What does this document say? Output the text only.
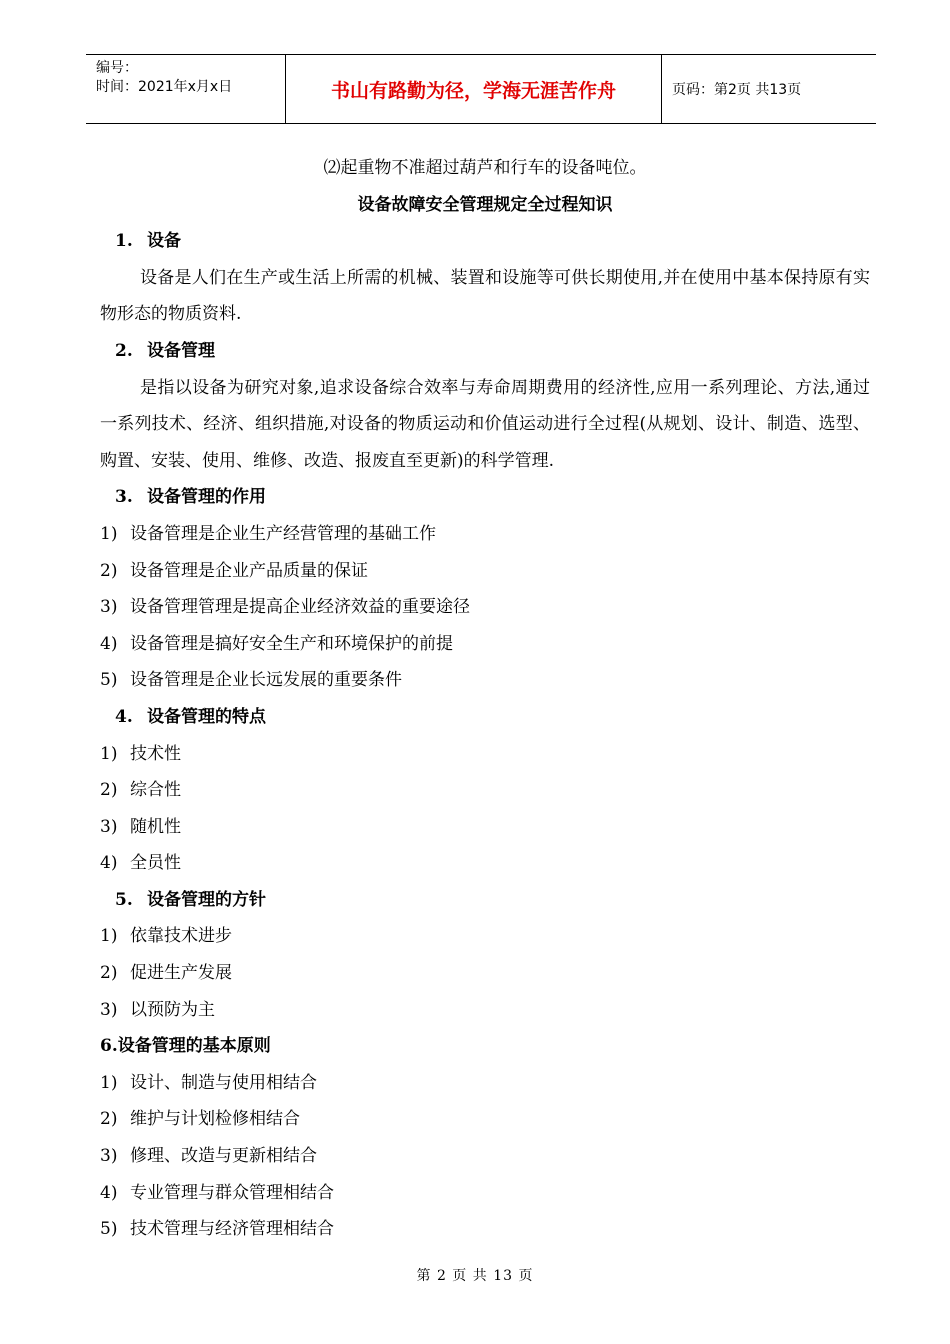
编号：
时间：2021年x月x日	书山有路勤为径，学海无涯苦作舟	页码：第2页 共13页
⑵起重物不准超过葫芦和行车的设备吨位。
设备故障安全管理规定全过程知识
1. 设备
设备是人们在生产或生活上所需的机械、装置和设施等可供长期使用,并在使用中基本保持原有实物形态的物质资料.
2. 设备管理
是指以设备为研究对象,追求设备综合效率与寿命周期费用的经济性,应用一系列理论、方法,通过一系列技术、经济、组织措施,对设备的物质运动和价值运动进行全过程(从规划、设计、制造、选型、购置、安装、使用、维修、改造、报废直至更新)的科学管理.
3. 设备管理的作用
1) 设备管理是企业生产经营管理的基础工作
2) 设备管理是企业产品质量的保证
3) 设备管理管理是提高企业经济效益的重要途径
4) 设备管理是搞好安全生产和环境保护的前提
5) 设备管理是企业长远发展的重要条件
4. 设备管理的特点
1) 技术性
2) 综合性
3) 随机性
4) 全员性
5. 设备管理的方针
1) 依靠技术进步
2) 促进生产发展
3) 以预防为主
6.设备管理的基本原则
1) 设计、制造与使用相结合
2) 维护与计划检修相结合
3) 修理、改造与更新相结合
4) 专业管理与群众管理相结合
5) 技术管理与经济管理相结合
第 2 页 共 13 页
